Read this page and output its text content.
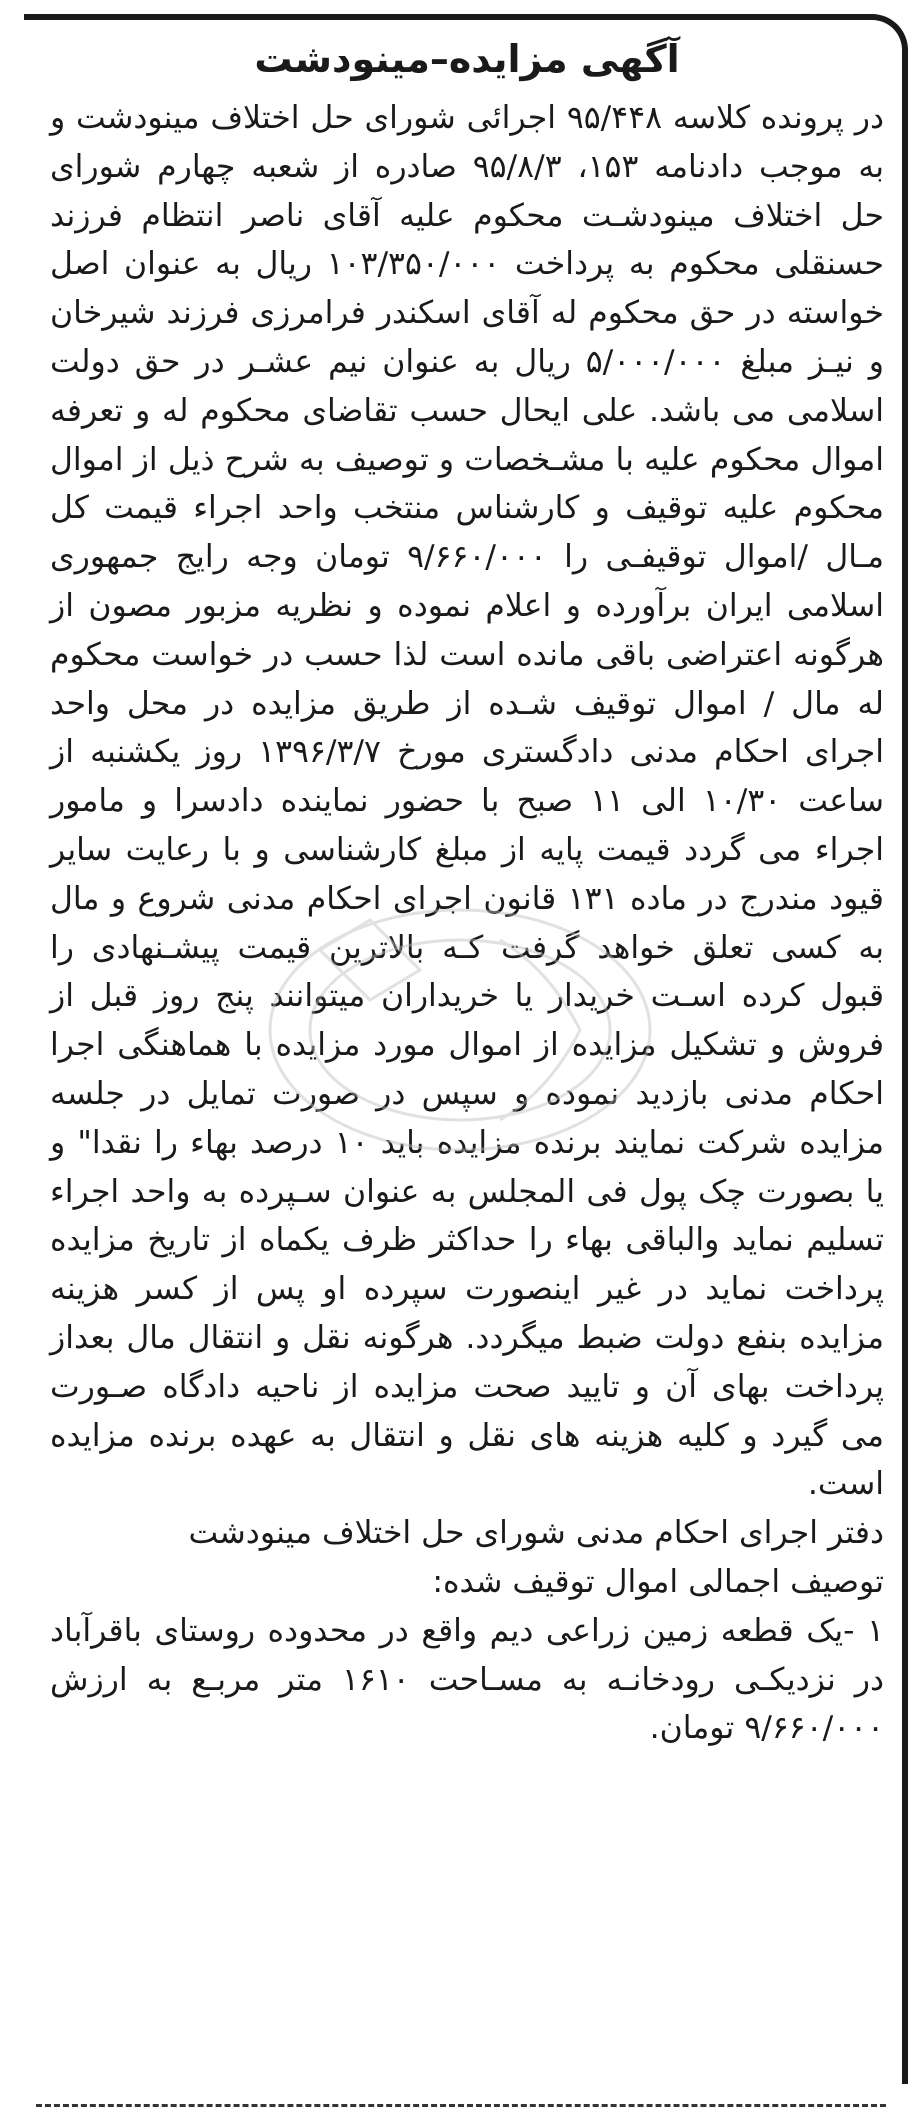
آگهی مزایده–مینودشت

در پرونده کلاسه ۹۵/۴۴۸ اجرائی شورای حل اختلاف مینودشت و به موجب دادنامه ۱۵۳، ۹۵/۸/۳ صادره از شعبه چهارم شورای حل اختلاف مینودشـت محکوم علیه آقای ناصر انتظام فرزند حسنقلی محکوم به پرداخت ۱۰۳/۳۵۰/۰۰۰ ریال به عنوان اصل خواسته در حق محکوم له آقای اسکندر فرامرزی فرزند شیرخان و نیـز مبلغ ۵/۰۰۰/۰۰۰ ریال به عنوان نیم عشـر در حق دولت اسلامی می باشد. علی ایحال حسب تقاضای محکوم له و تعرفه اموال محکوم علیه با مشـخصات و توصیف به شرح ذیل از اموال محکوم علیه توقیف و کارشناس منتخب واحد اجراء قیمت کل مـال /اموال توقیفـی را ۹/۶۶۰/۰۰۰ تومان وجه رایج جمهوری اسلامی ایران برآورده و اعلام نموده و نظریه مزبور مصون از هرگونه اعتراضی باقی مانده است لذا حسب در خواست محکوم له مال / اموال توقیف شـده از طریق مزایده در محل واحد اجرای احکام مدنی دادگستری مورخ ۱۳۹۶/۳/۷ روز یکشنبه از ساعت ۱۰/۳۰ الی ۱۱ صبح با حضور نماینده دادسرا و مامور اجراء می گردد قیمت پایه از مبلغ کارشناسی و با رعایت سایر قیود مندرج در ماده ۱۳۱ قانون اجرای احکام مدنی شروع و مال به کسی تعلق خواهد گرفت کـه بالاترین قیمت پیشـنهادی را قبول کرده اسـت خریدار یا خریداران میتوانند پنج روز قبل از فروش و تشکیل مزایده از اموال مورد مزایده با هماهنگی اجرا احکام مدنی بازدید نموده و سپس در صورت تمایل در جلسه مزایده شرکت نمایند برنده مزایده باید ۱۰ درصد بهاء را نقدا" و یا بصورت چک پول فی المجلس به عنوان سـپرده به واحد اجراء تسلیم نماید والباقی بهاء را حداکثر ظرف یکماه از تاریخ مزایده پرداخت نماید در غیر اینصورت سپرده او پس از کسر هزینه مزایده بنفع دولت ضبط میگردد. هرگونه نقل و انتقال مال بعداز پرداخت بهای آن و تایید صحت مزایده از ناحیه دادگاه صـورت می گیرد و کلیه هزینه های نقل و انتقال به عهده برنده مزایده است.

دفتر اجرای احکام مدنی شورای حل اختلاف مینودشت

توصیف اجمالی اموال توقیف شده:

۱ -یک قطعه زمین زراعی دیم واقع در محدوده روستای باقرآباد در نزدیکـی رودخانـه به مسـاحت ۱۶۱۰ متر مربـع به ارزش ۹/۶۶۰/۰۰۰ تومان.
